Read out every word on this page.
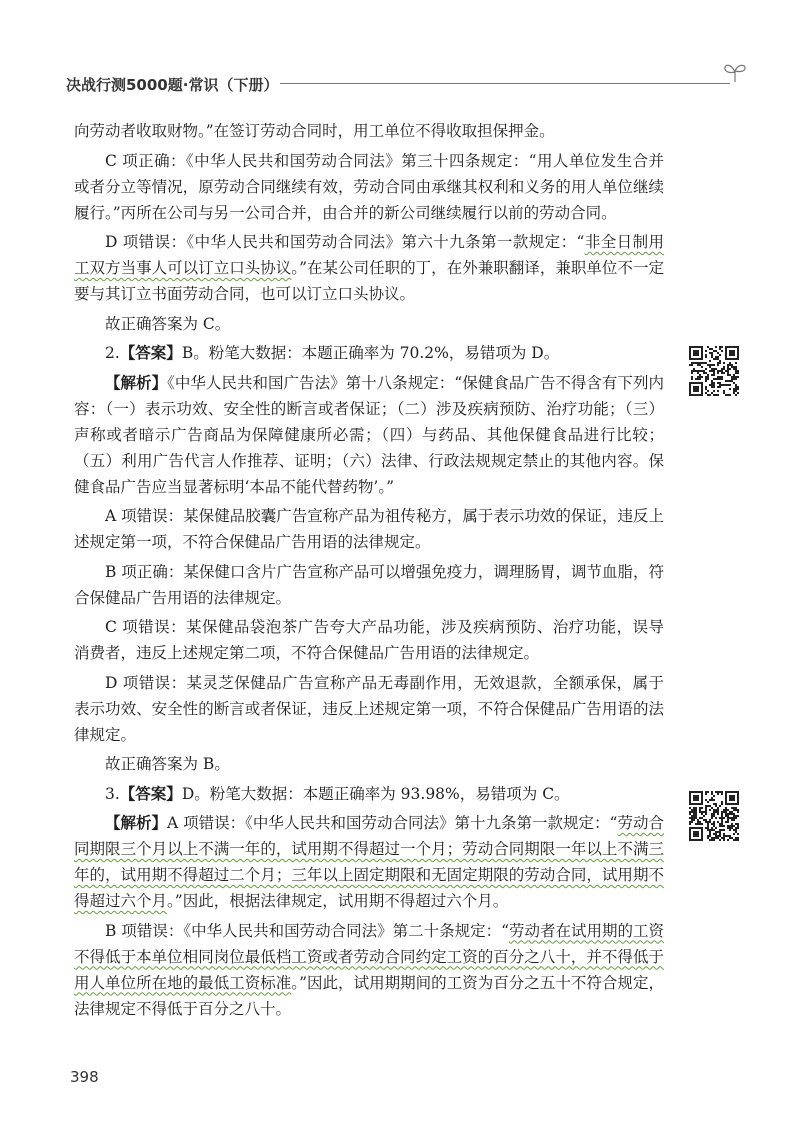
决战行测5000题·常识（下册）

向劳动者收取财物。”在签订劳动合同时，用工单位不得收取担保押金。

C 项正确：《中华人民共和国劳动合同法》第三十四条规定：“用人单位发生合并或者分立等情况，原劳动合同继续有效，劳动合同由承继其权利和义务的用人单位继续履行。”丙所在公司与另一公司合并，由合并的新公司继续履行以前的劳动合同。

D 项错误：《中华人民共和国劳动合同法》第六十九条第一款规定：“非全日制用工双方当事人可以订立口头协议。”在某公司任职的丁，在外兼职翻译，兼职单位不一定要与其订立书面劳动合同，也可以订立口头协议。

故正确答案为 C。

2.【答案】B。粉笔大数据：本题正确率为 70.2%，易错项为 D。

【解析】《中华人民共和国广告法》第十八条规定：“保健食品广告不得含有下列内容：（一）表示功效、安全性的断言或者保证；（二）涉及疾病预防、治疗功能；（三）声称或者暗示广告商品为保障健康所必需；（四）与药品、其他保健食品进行比较；（五）利用广告代言人作推荐、证明；（六）法律、行政法规规定禁止的其他内容。保健食品广告应当显著标明‘本品不能代替药物’。”

A 项错误：某保健品胶囊广告宣称产品为祖传秘方，属于表示功效的保证，违反上述规定第一项，不符合保健品广告用语的法律规定。

B 项正确：某保健口含片广告宣称产品可以增强免疫力，调理肠胃，调节血脂，符合保健品广告用语的法律规定。

C 项错误：某保健品袋泡茶广告夸大产品功能，涉及疾病预防、治疗功能，误导消费者，违反上述规定第二项，不符合保健品广告用语的法律规定。

D 项错误：某灵芝保健品广告宣称产品无毒副作用，无效退款，全额承保，属于表示功效、安全性的断言或者保证，违反上述规定第一项，不符合保健品广告用语的法律规定。

故正确答案为 B。

3.【答案】D。粉笔大数据：本题正确率为 93.98%，易错项为 C。

【解析】A 项错误：《中华人民共和国劳动合同法》第十九条第一款规定：“劳动合同期限三个月以上不满一年的，试用期不得超过一个月；劳动合同期限一年以上不满三年的，试用期不得超过二个月；三年以上固定期限和无固定期限的劳动合同，试用期不得超过六个月。”因此，根据法律规定，试用期不得超过六个月。

B 项错误：《中华人民共和国劳动合同法》第二十条规定：“劳动者在试用期的工资不得低于本单位相同岗位最低档工资或者劳动合同约定工资的百分之八十，并不得低于用人单位所在地的最低工资标准。”因此，试用期期间的工资为百分之五十不符合规定，法律规定不得低于百分之八十。

398
